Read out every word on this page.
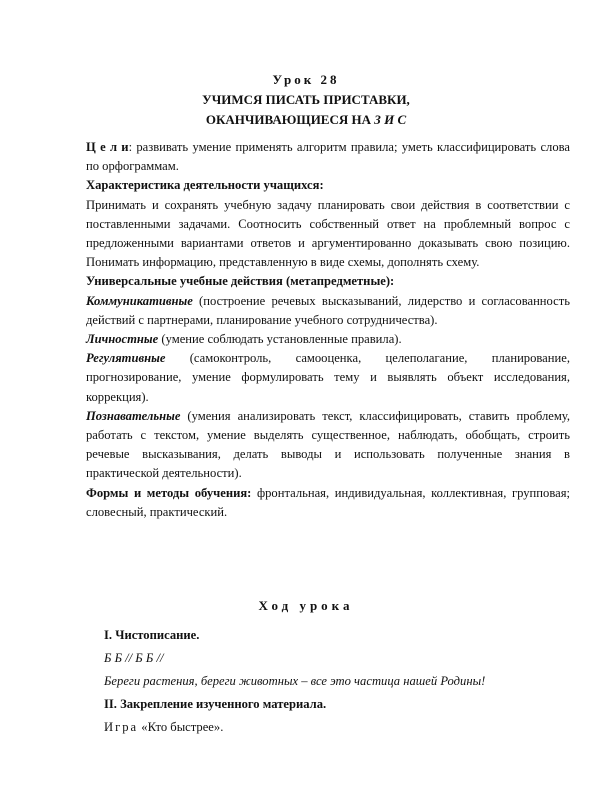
Урок 28
УЧИМСЯ ПИСАТЬ ПРИСТАВКИ,
ОКАНЧИВАЮЩИЕСЯ НА З И С

Ц е л и: развивать умение применять алгоритм правила; уметь классифицировать слова по орфограммам.

Характеристика деятельности учащихся:

Принимать и сохранять учебную задачу планировать свои действия в соответствии с поставленными задачами. Соотносить собственный ответ на проблемный вопрос с предложенными вариантами ответов и аргументированно доказывать свою позицию. Понимать информацию, представленную в виде схемы, дополнять схему.

Универсальные учебные действия (метапредметные):

Коммуникативные (построение речевых высказываний, лидерство и согласованность действий с партнерами, планирование учебного сотрудничества).

Личностные (умение соблюдать установленные правила).

Регулятивные (самоконтроль, самооценка, целеполагание, планирование, прогнозирование, умение формулировать тему и выявлять объект исследования, коррекция).

Познавательные (умения анализировать текст, классифицировать, ставить проблему, работать с текстом, умение выделять существенное, наблюдать, обобщать, строить речевые высказывания, делать выводы и использовать полученные знания в практической деятельности).

Формы и методы обучения: фронтальная, индивидуальная, коллективная, групповая; словесный, практический.

Ход урока

I. Чистописание.

Б Б // Б Б //

Береги растения, береги животных – все это частица нашей Родины!

II. Закрепление изученного материала.

Игра «Кто быстрее».
